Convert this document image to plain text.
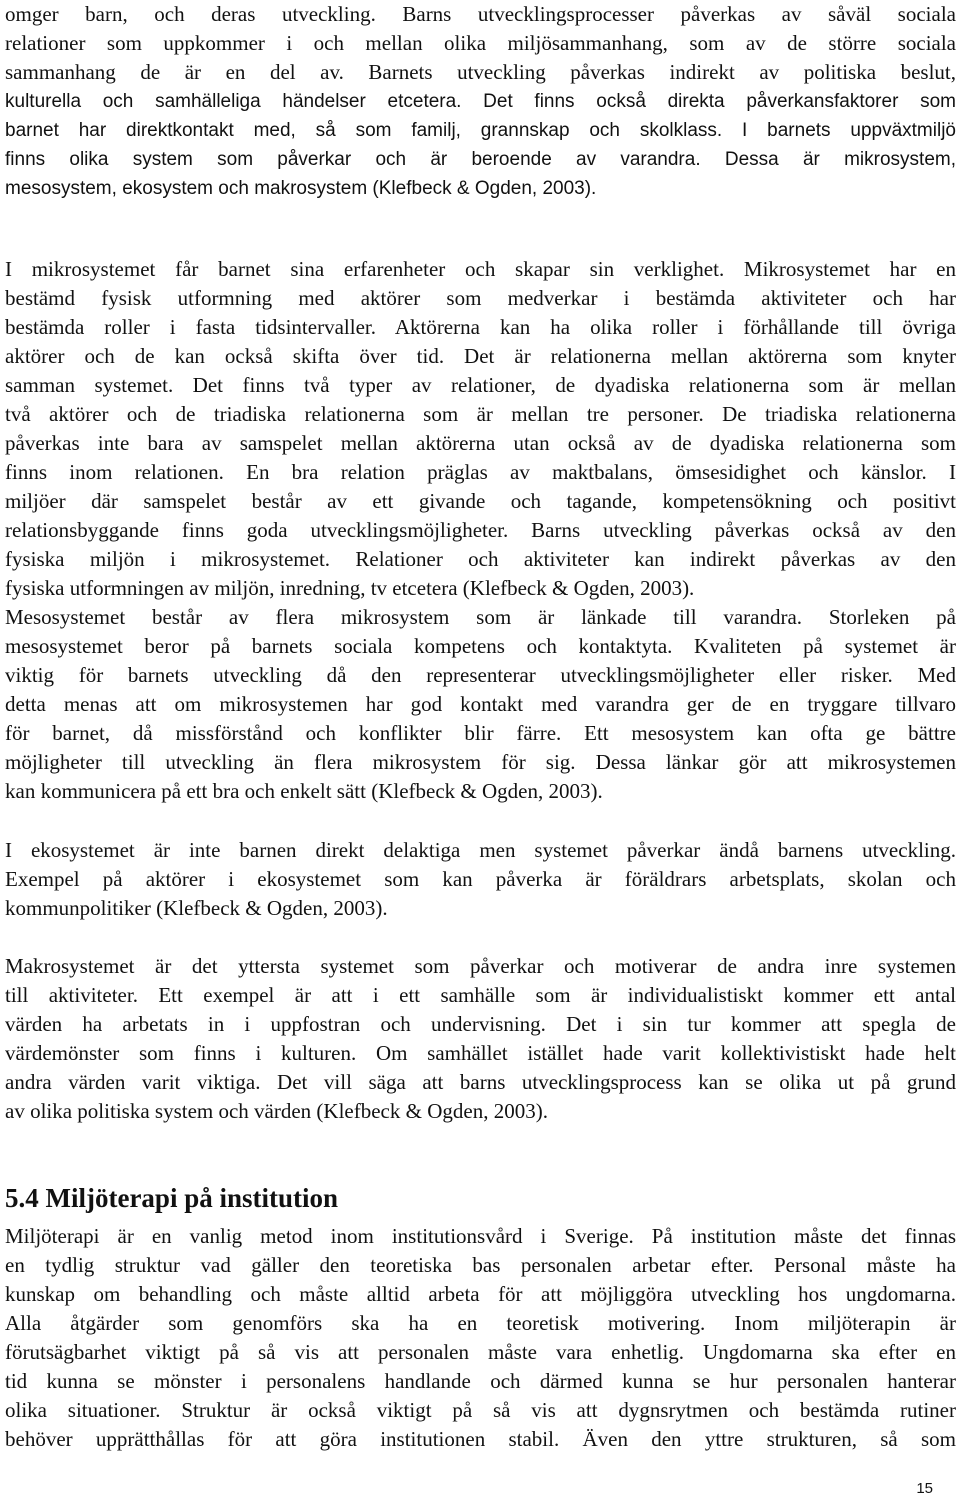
omger barn, och deras utveckling. Barns utvecklingsprocesser påverkas av såväl sociala
relationer som uppkommer i och mellan olika miljösammanhang, som av de större sociala
sammanhang de är en del av. Barnets utveckling påverkas indirekt av politiska beslut,
kulturella och samhälleliga händelser etcetera. Det finns också direkta påverkansfaktorer som
barnet har direktkontakt med, så som familj, grannskap och skolklass. I barnets uppväxtmiljö
finns olika system som påverkar och är beroende av varandra. Dessa är mikrosystem,
mesosystem, ekosystem och makrosystem (Klefbeck & Ogden, 2003).
I mikrosystemet får barnet sina erfarenheter och skapar sin verklighet. Mikrosystemet har en
bestämd fysisk utformning med aktörer som medverkar i bestämda aktiviteter och har
bestämda roller i fasta tidsintervaller. Aktörerna kan ha olika roller i förhållande till övriga
aktörer och de kan också skifta över tid. Det är relationerna mellan aktörerna som knyter
samman systemet. Det finns två typer av relationer, de dyadiska relationerna som är mellan
två aktörer och de triadiska relationerna som är mellan tre personer. De triadiska relationerna
påverkas inte bara av samspelet mellan aktörerna utan också av de dyadiska relationerna som
finns inom relationen. En bra relation präglas av maktbalans, ömsesidighet och känslor. I
miljöer där samspelet består av ett givande och tagande, kompetensökning och positivt
relationsbyggande finns goda utvecklingsmöjligheter. Barns utveckling påverkas också av den
fysiska miljön i mikrosystemet. Relationer och aktiviteter kan indirekt påverkas av den
fysiska utformningen av miljön, inredning, tv etcetera (Klefbeck & Ogden, 2003).
Mesosystemet består av flera mikrosystem som är länkade till varandra. Storleken på
mesosystemet beror på barnets sociala kompetens och kontaktyta. Kvaliteten på systemet är
viktig för barnets utveckling då den representerar utvecklingsmöjligheter eller risker. Med
detta menas att om mikrosystemen har god kontakt med varandra ger de en tryggare tillvaro
för barnet, då missförstånd och konflikter blir färre. Ett mesosystem kan ofta ge bättre
möjligheter till utveckling än flera mikrosystem för sig. Dessa länkar gör att mikrosystemen
kan kommunicera på ett bra och enkelt sätt (Klefbeck & Ogden, 2003).
I ekosystemet är inte barnen direkt delaktiga men systemet påverkar ändå barnens utveckling.
Exempel på aktörer i ekosystemet som kan påverka är föräldrars arbetsplats, skolan och
kommunpolitiker (Klefbeck & Ogden, 2003).
Makrosystemet är det yttersta systemet som påverkar och motiverar de andra inre systemen
till aktiviteter. Ett exempel är att i ett samhälle som är individualistiskt kommer ett antal
värden ha arbetats in i uppfostran och undervisning. Det i sin tur kommer att spegla de
värdemönster som finns i kulturen. Om samhället istället hade varit kollektivistiskt hade helt
andra värden varit viktiga. Det vill säga att barns utvecklingsprocess kan se olika ut på grund
av olika politiska system och värden (Klefbeck & Ogden, 2003).
5.4 Miljöterapi på institution
Miljöterapi är en vanlig metod inom institutionsvård i Sverige. På institution måste det finnas
en tydlig struktur vad gäller den teoretiska bas personalen arbetar efter. Personal måste ha
kunskap om behandling och måste alltid arbeta för att möjliggöra utveckling hos ungdomarna.
Alla åtgärder som genomförs ska ha en teoretisk motivering. Inom miljöterapin är
förutsägbarhet viktigt på så vis att personalen måste vara enhetlig. Ungdomarna ska efter en
tid kunna se mönster i personalens handlande och därmed kunna se hur personalen hanterar
olika situationer. Struktur är också viktigt på så vis att dygnsrytmen och bestämda rutiner
behöver upprätthållas för att göra institutionen stabil. Även den yttre strukturen, så som
15
